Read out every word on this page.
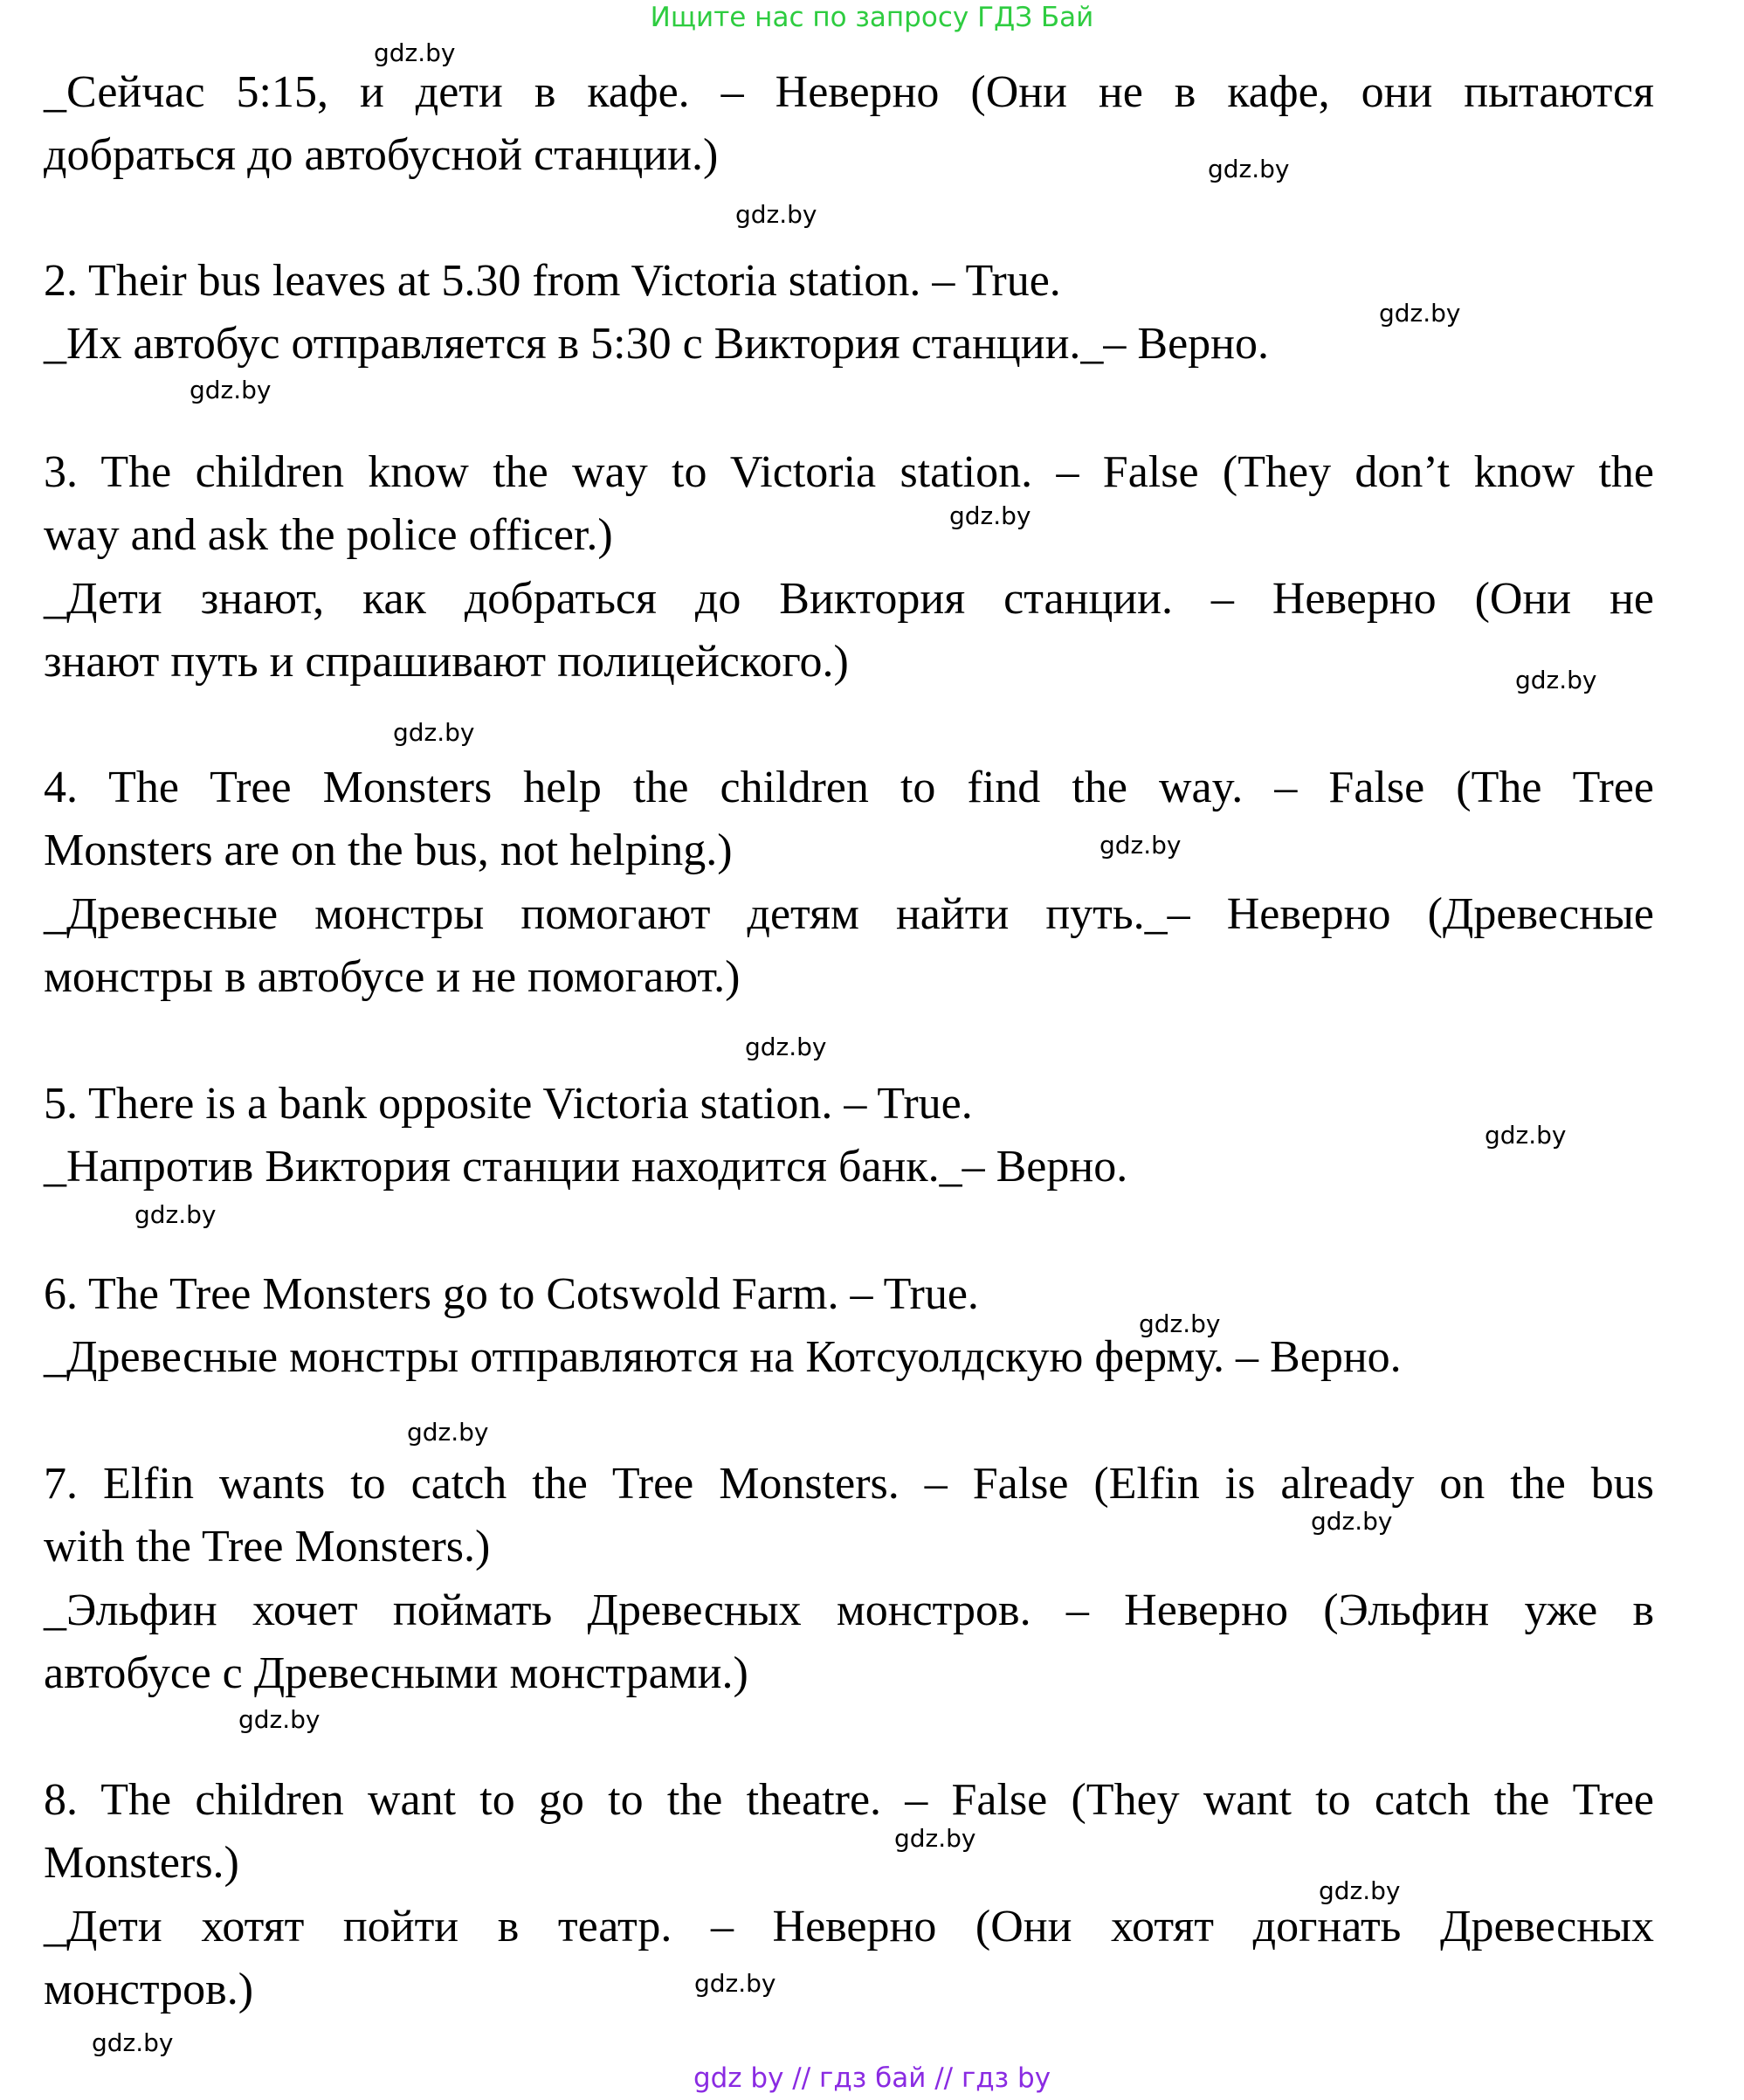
Ищите нас по запросу ГДЗ Бай
_Сейчас 5:15, и дети в кафе. – Неверно (Они не в кафе, они пытаются
добраться до автобусной станции.)
2. Their bus leaves at 5.30 from Victoria station. – True.
_Их автобус отправляется в 5:30 с Виктория станции._– Верно.
3. The children know the way to Victoria station. – False (They don’t know the
way and ask the police officer.)
_Дети знают, как добраться до Виктория станции. – Неверно (Они не
знают путь и спрашивают полицейского.)
4. The Tree Monsters help the children to find the way. – False (The Tree
Monsters are on the bus, not helping.)
_Древесные монстры помогают детям найти путь._– Неверно (Древесные
монстры в автобусе и не помогают.)
5. There is a bank opposite Victoria station. – True.
_Напротив Виктория станции находится банк._– Верно.
6. The Tree Monsters go to Cotswold Farm. – True.
_Древесные монстры отправляются на Котсуолдскую ферму. – Верно.
7. Elfin wants to catch the Tree Monsters. – False (Elfin is already on the bus
with the Tree Monsters.)
_Эльфин хочет поймать Древесных монстров. – Неверно (Эльфин уже в
автобусе с Древесными монстрами.)
8. The children want to go to the theatre. – False (They want to catch the Tree
Monsters.)
_Дети хотят пойти в театр. – Неверно (Они хотят догнать Древесных
монстров.)
gdz.by
gdz.by
gdz.by
gdz.by
gdz.by
gdz.by
gdz.by
gdz.by
gdz.by
gdz.by
gdz.by
gdz.by
gdz.by
gdz.by
gdz.by
gdz.by
gdz.by
gdz.by
gdz.by
gdz.by
gdz by // гдз бай // гдз by
